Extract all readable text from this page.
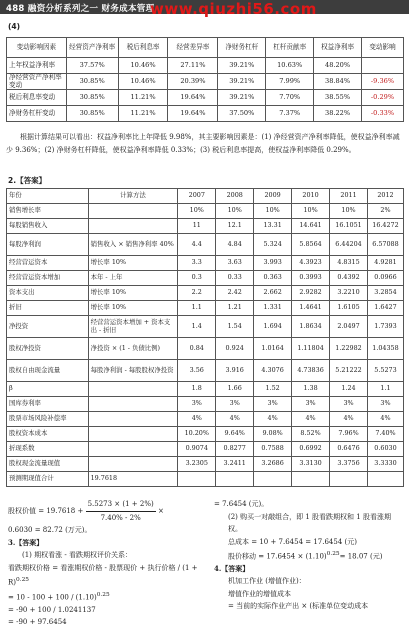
488 融资分析系列之一 财务成本管理
www.qiuzhi56.com
(4)
变动影响因素	经营资产净利率	税后利息率	经营差异率	净财务杠杆	杠杆贡献率	权益净利率	变动影响
上年权益净利率	37.57%	10.46%	27.11%	39.21%	10.63%	48.20%	
净经营资产净利率变动	30.85%	10.46%	20.39%	39.21%	7.99%	38.84%	-9.36%
税后利息率变动	30.85%	11.21%	19.64%	39.21%	7.70%	38.55%	-0.29%
净财务杠杆变动	30.85%	11.21%	19.64%	37.50%	7.37%	38.22%	-0.33%

根据计算结果可以看出：权益净利率比上年降低 9.98%，其主要影响因素是：(1) 净经营资产净利率降低，使权益净利率减少 9.36%；(2) 净财务杠杆降低，使权益净利率降低 0.33%；(3) 税后利息率提高，使权益净利率降低 0.29%。

2.【答案】
年份	计算方法	2007	2008	2009	2010	2011	2012
销售增长率		10%	10%	10%	10%	10%	2%
每股销售收入		11	12.1	13.31	14.641	16.1051	16.4272
每股净利润	销售收入 × 销售净利率 40%	4.4	4.84	5.324	5.8564	6.44204	6.57088
经营营运资本	增长率 10%	3.3	3.63	3.993	4.3923	4.8315	4.9281
经营营运资本增加	本年 - 上年	0.3	0.33	0.363	0.3993	0.4392	0.0966
资本支出	增长率 10%	2.2	2.42	2.662	2.9282	3.2210	3.2854
折旧	增长率 10%	1.1	1.21	1.331	1.4641	1.6105	1.6427
净投资	经营营运资本增加 + 资本支出 - 折旧	1.4	1.54	1.694	1.8634	2.0497	1.7393
股权净投资	净投资 × (1 - 负债比例)	0.84	0.924	1.0164	1.11804	1.22982	1.04358
股权自由现金流量	每股净利润 - 每股股权净投资	3.56	3.916	4.3076	4.73836	5.21222	5.5273
β		1.8	1.66	1.52	1.38	1.24	1.1
国库券利率		3%	3%	3%	3%	3%	3%
股票市场风险补偿率		4%	4%	4%	4%	4%	4%
股权资本成本		10.20%	9.64%	9.08%	8.52%	7.96%	7.40%
折现系数		0.9074	0.8277	0.7588	0.6992	0.6476	0.6030
股权现金流量现值		3.2305	3.2411	3.2686	3.3130	3.3756	3.3330
预测期现值合计	19.7618						
股权价值 = $19.7618 + \frac{5.5273 \times (1 + 2\%)}{7.40\% - 2\%}$ ×
0.6030 = 82.72 (万元)。
3.【答案】
(1) 期权看涨 - 看跌期权评价关系：
看跌期权价格 = 看涨期权价格 - 股票现价 + 执行价格 / $(1 + R)^{0.25}$
= $10 - 100 + 100 / (1.10)^{0.25}$
= -90 + 100 / 1.0241137
= -90 + 97.6454
= 7.6454 (元)。
(2) 购买一对敲组合，即 1 股看跌期权和 1 股看涨期权。
总成本 = 10 + 7.6454 = 17.6454 (元)
股价移动 = $17.6454 \times (1.10)^{0.25}= 18.07$ (元)
4.【答案】
机加工作业 (增值作业)：
增值作业的增值成本
= 当前的实际作业产出 × (标准单位变动成本
